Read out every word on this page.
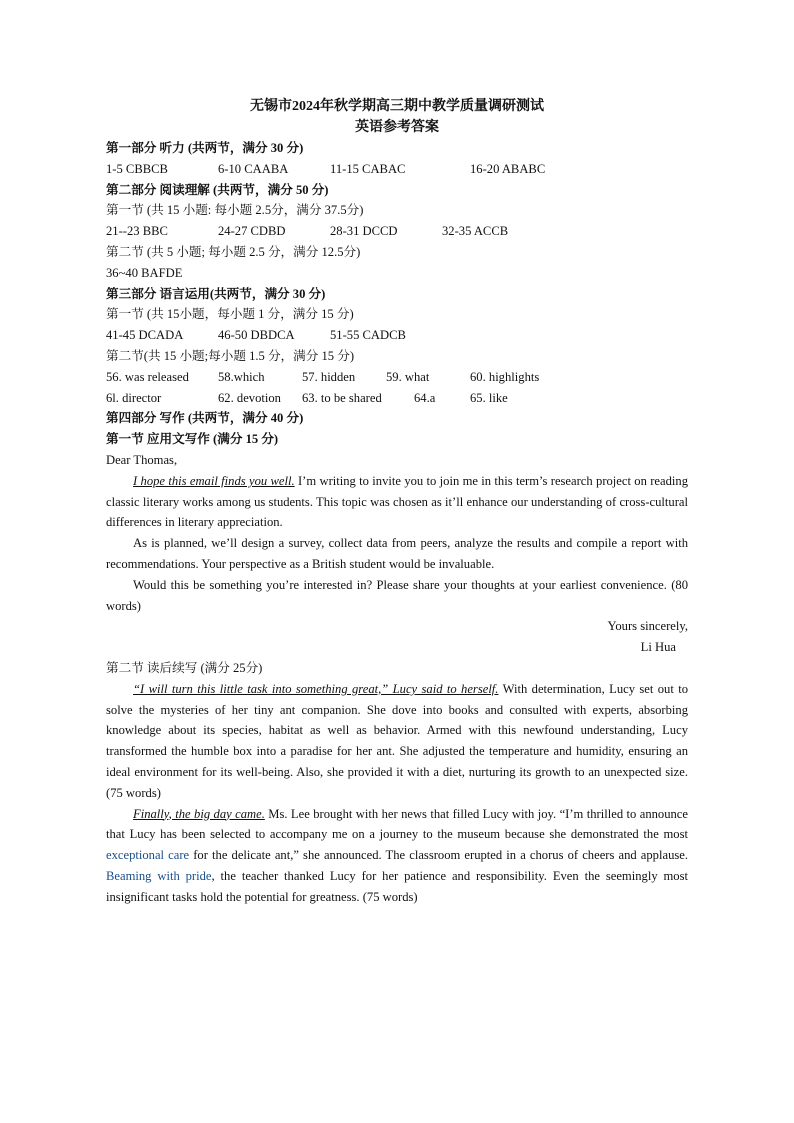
无锡市2024年秋学期高三期中教学质量调研测试
英语参考答案
第一部分 听力 (共两节，满分 30 分)
1-5 CBBCB	6-10 CAABA	11-15 CABAC	16-20 ABABC
第二部分 阅读理解 (共两节，满分 50 分)
第一节 (共 15 小题: 每小题 2.5分，满分 37.5分)
21--23 BBC	24-27 CDBD	28-31 DCCD	32-35 ACCB
第二节 (共 5 小题; 每小题 2.5 分，满分 12.5分)
36~40 BAFDE
第三部分 语言运用(共两节，满分 30 分)
第一节 (共 15小题，每小题 1 分，满分 15 分)
41-45 DCADA	46-50 DBDCA	51-55 CADCB
第二节(共 15 小题;每小题 1.5 分，满分 15 分)
56. was released	58.which	57. hidden	59. what	60. highlights
6l. director	62. devotion	63. to be shared	64.a	65. like
第四部分 写作 (共两节，满分 40 分)
第一节 应用文写作 (满分 15 分)
Dear Thomas,
I hope this email finds you well. I’m writing to invite you to join me in this term’s research project on reading classic literary works among us students. This topic was chosen as it’ll enhance our understanding of cross-cultural differences in literary appreciation.
As is planned, we’ll design a survey, collect data from peers, analyze the results and compile a report with recommendations. Your perspective as a British student would be invaluable.
Would this be something you’re interested in? Please share your thoughts at your earliest convenience. (80 words)
Yours sincerely,
Li Hua
第二节 读后续写 (满分 25分)
“I will turn this little task into something great,” Lucy said to herself. With determination, Lucy set out to solve the mysteries of her tiny ant companion. She dove into books and consulted with experts, absorbing knowledge about its species, habitat as well as behavior. Armed with this newfound understanding, Lucy transformed the humble box into a paradise for her ant. She adjusted the temperature and humidity, ensuring an ideal environment for its well-being. Also, she provided it with a diet, nurturing its growth to an unexpected size. (75 words)
Finally, the big day came. Ms. Lee brought with her news that filled Lucy with joy. “I’m thrilled to announce that Lucy has been selected to accompany me on a journey to the museum because she demonstrated the most exceptional care for the delicate ant,” she announced. The classroom erupted in a chorus of cheers and applause. Beaming with pride, the teacher thanked Lucy for her patience and responsibility. Even the seemingly most insignificant tasks hold the potential for greatness. (75 words)
